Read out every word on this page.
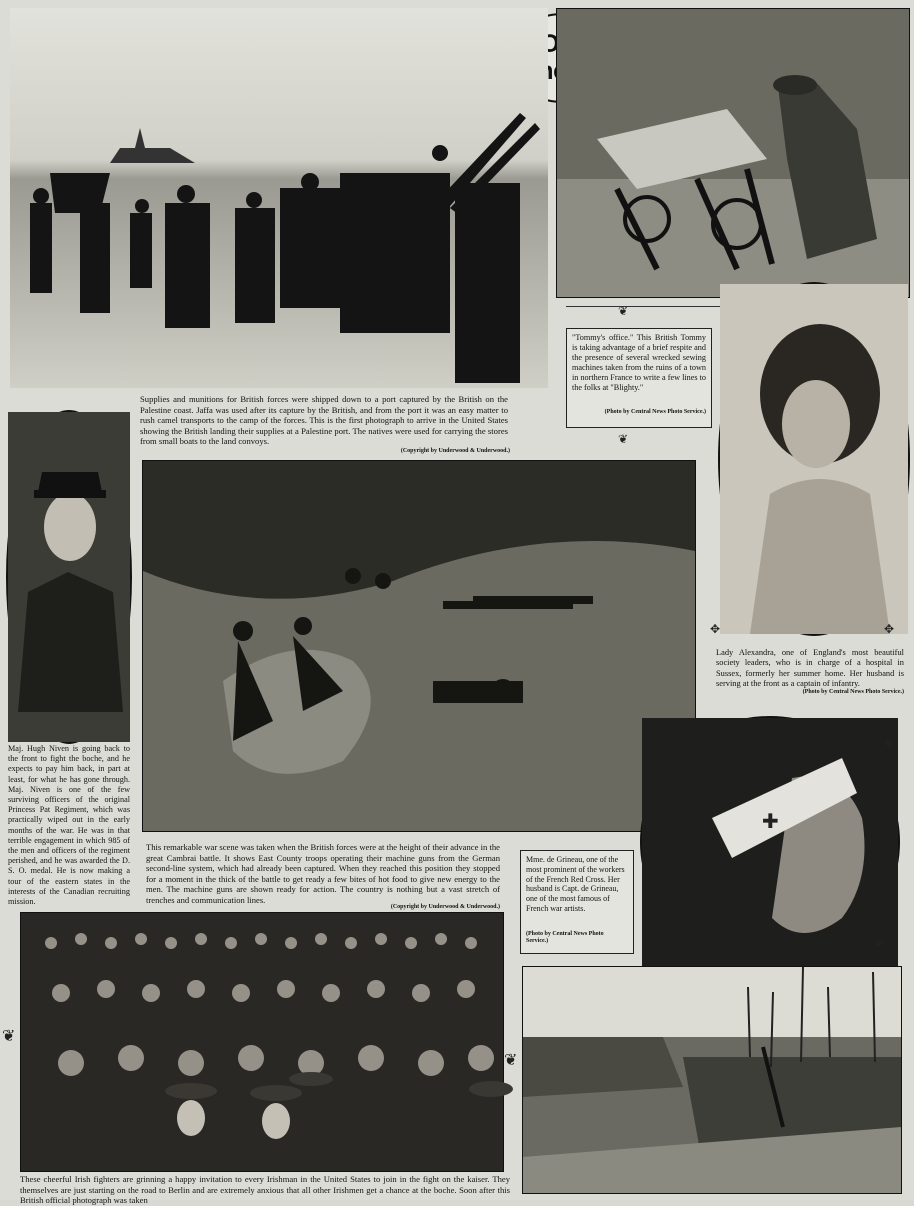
Supplies and munitions for British forces were shipped down to a port captured by the British on the Palestine coast. Jaffa was used after its capture by the British, and from the port it was an easy matter to rush camel transports to the camp of the forces. This is the first photograph to arrive in the United States showing the British landing their supplies at a Palestine port. The natives were used for carrying the stores from small boats to the land convoys.
(Copyright by Underwood & Underwood.)
❦
"Tommy's office." This British Tommy is taking advantage of a brief respite and the presence of several wrecked sewing machines taken from the ruins of a town in northern France to write a few lines to the folks at "Blighty."
(Photo by Central News Photo Service.)
❦
Maj. Hugh Niven is going back to the front to fight the boche, and he expects to pay him back, in part at least, for what he has gone through. Maj. Niven is one of the few surviving officers of the original Princess Pat Regiment, which was practically wiped out in the early months of the war. He was in that terrible engagement in which 985 of the men and officers of the regiment perished, and he was awarded the D. S. O. medal. He is now making a tour of the eastern states in the interests of the Canadian recruiting mission.
This remarkable war scene was taken when the British forces were at the height of their advance in the great Cambrai battle. It shows East County troops operating their machine guns from the German second-line system, which had already been captured. When they reached this position they stopped for a moment in the thick of the battle to get ready a few bites of hot food to give new energy to the men. The machine guns are shown ready for action. The country is nothing but a vast stretch of trenches and communication lines.
(Copyright by Underwood & Underwood.)
✥	✥
Lady Alexandra, one of England's most beautiful society leaders, who is in charge of a hospital in Sussex, formerly her summer home. Her husband is serving at the front as a captain of infantry.
(Photo by Central News Photo Service.)
✚
❦
❦
Mme. de Grineau, one of the most prominent of the workers of the French Red Cross. Her husband is Capt. de Grineau, one of the most famous of French war artists.
(Photo by Central News Photo Service.)
❦
❦
These cheerful Irish fighters are grinning a happy invitation to every Irishman in the United States to join in the fight on the kaiser. They themselves are just starting on the road to Berlin and are extremely anxious that all other Irishmen get a chance at the boche. Soon after this British official photograph was taken
